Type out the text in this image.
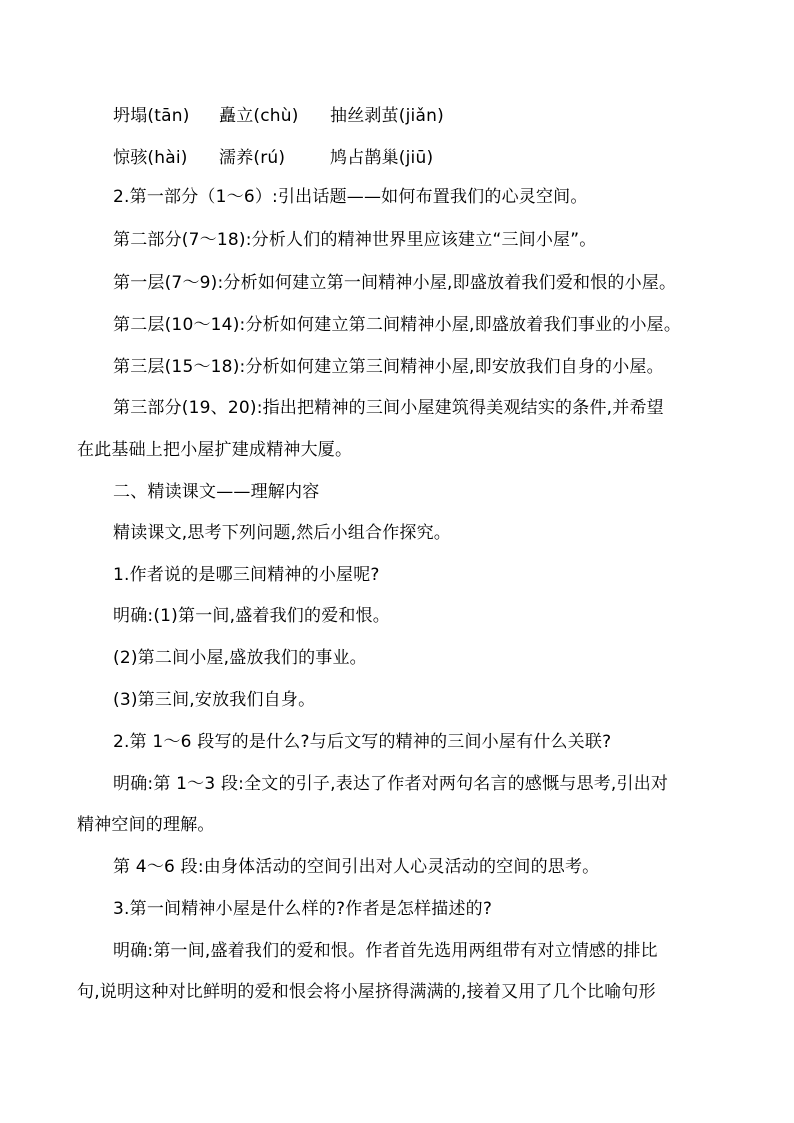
坍塌(tān) 矗立(chù) 抽丝剥茧(jiǎn)
惊骇(hài) 濡养(rú)	鸠占鹊巢(jiū)
2.第一部分（1～6）:引出话题——如何布置我们的心灵空间。
第二部分(7～18):分析人们的精神世界里应该建立“三间小屋”。
第一层(7～9):分析如何建立第一间精神小屋,即盛放着我们爱和恨的小屋。
第二层(10～14):分析如何建立第二间精神小屋,即盛放着我们事业的小屋。
第三层(15～18):分析如何建立第三间精神小屋,即安放我们自身的小屋。
第三部分(19、20):指出把精神的三间小屋建筑得美观结实的条件,并希望
在此基础上把小屋扩建成精神大厦。
二、精读课文——理解内容
精读课文,思考下列问题,然后小组合作探究。
1.作者说的是哪三间精神的小屋呢?
明确:(1)第一间,盛着我们的爱和恨。
(2)第二间小屋,盛放我们的事业。
(3)第三间,安放我们自身。
2.第 1～6 段写的是什么?与后文写的精神的三间小屋有什么关联?
明确:第 1～3 段:全文的引子,表达了作者对两句名言的感慨与思考,引出对
精神空间的理解。
第 4～6 段:由身体活动的空间引出对人心灵活动的空间的思考。
3.第一间精神小屋是什么样的?作者是怎样描述的?
明确:第一间,盛着我们的爱和恨。作者首先选用两组带有对立情感的排比
句,说明这种对比鲜明的爱和恨会将小屋挤得满满的,接着又用了几个比喻句形
